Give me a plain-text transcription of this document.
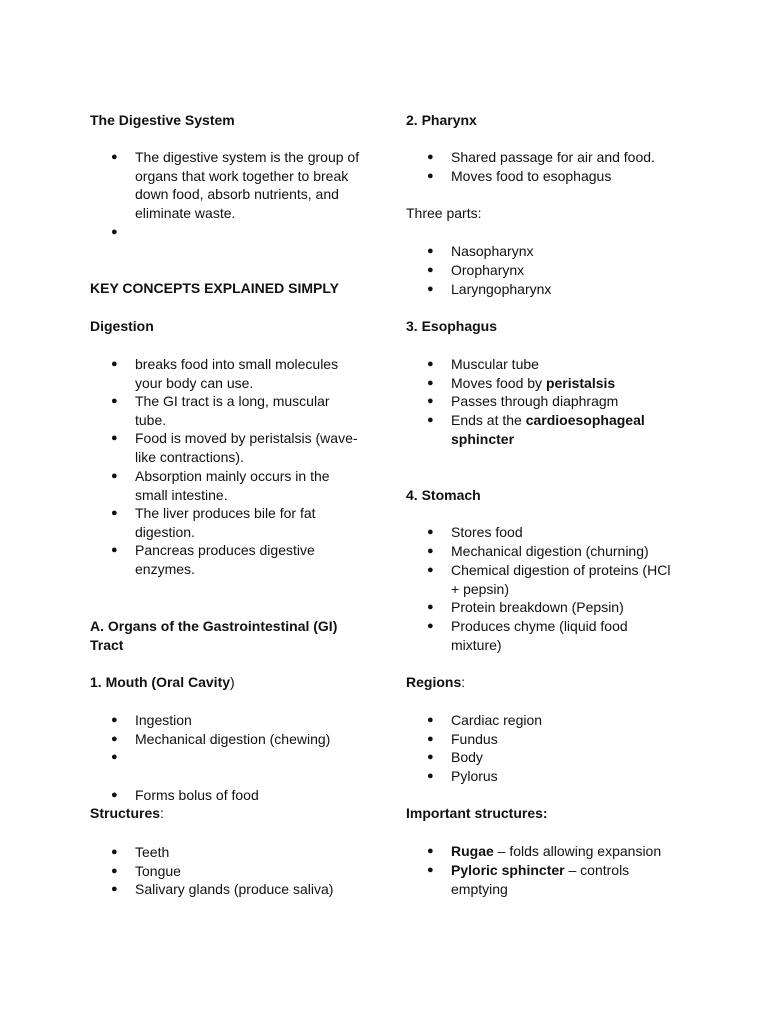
The Digestive System
●
The digestive system is the group of organs that work together to break down food, absorb nutrients, and eliminate waste.
●
KEY CONCEPTS EXPLAINED SIMPLY
Digestion
●
breaks food into small molecules your body can use.
●
The GI tract is a long, muscular tube.
●
Food is moved by peristalsis (wave-like contractions).
●
Absorption mainly occurs in the small intestine.
●
The liver produces bile for fat digestion.
●
Pancreas produces digestive enzymes.
A. Organs of the Gastrointestinal (GI)
Tract
1. Mouth (Oral Cavity)
●
Ingestion
●
Mechanical digestion (chewing)
●
●
Forms bolus of food
Structures:
●
Teeth
●
Tongue
●
Salivary glands (produce saliva)
2. Pharynx
●
Shared passage for air and food.
●
Moves food to esophagus
Three parts:
●
Nasopharynx
●
Oropharynx
●
Laryngopharynx
3. Esophagus
●
Muscular tube
●
Moves food by peristalsis
●
Passes through diaphragm
●
Ends at the cardioesophageal
sphincter
4. Stomach
●
Stores food
●
Mechanical digestion (churning)
●
Chemical digestion of proteins (HCl + pepsin)
●
Protein breakdown (Pepsin)
●
Produces chyme (liquid food mixture)
Regions:
●
Cardiac region
●
Fundus
●
Body
●
Pylorus
Important structures:
●
Rugae – folds allowing expansion
●
Pyloric sphincter – controls emptying
